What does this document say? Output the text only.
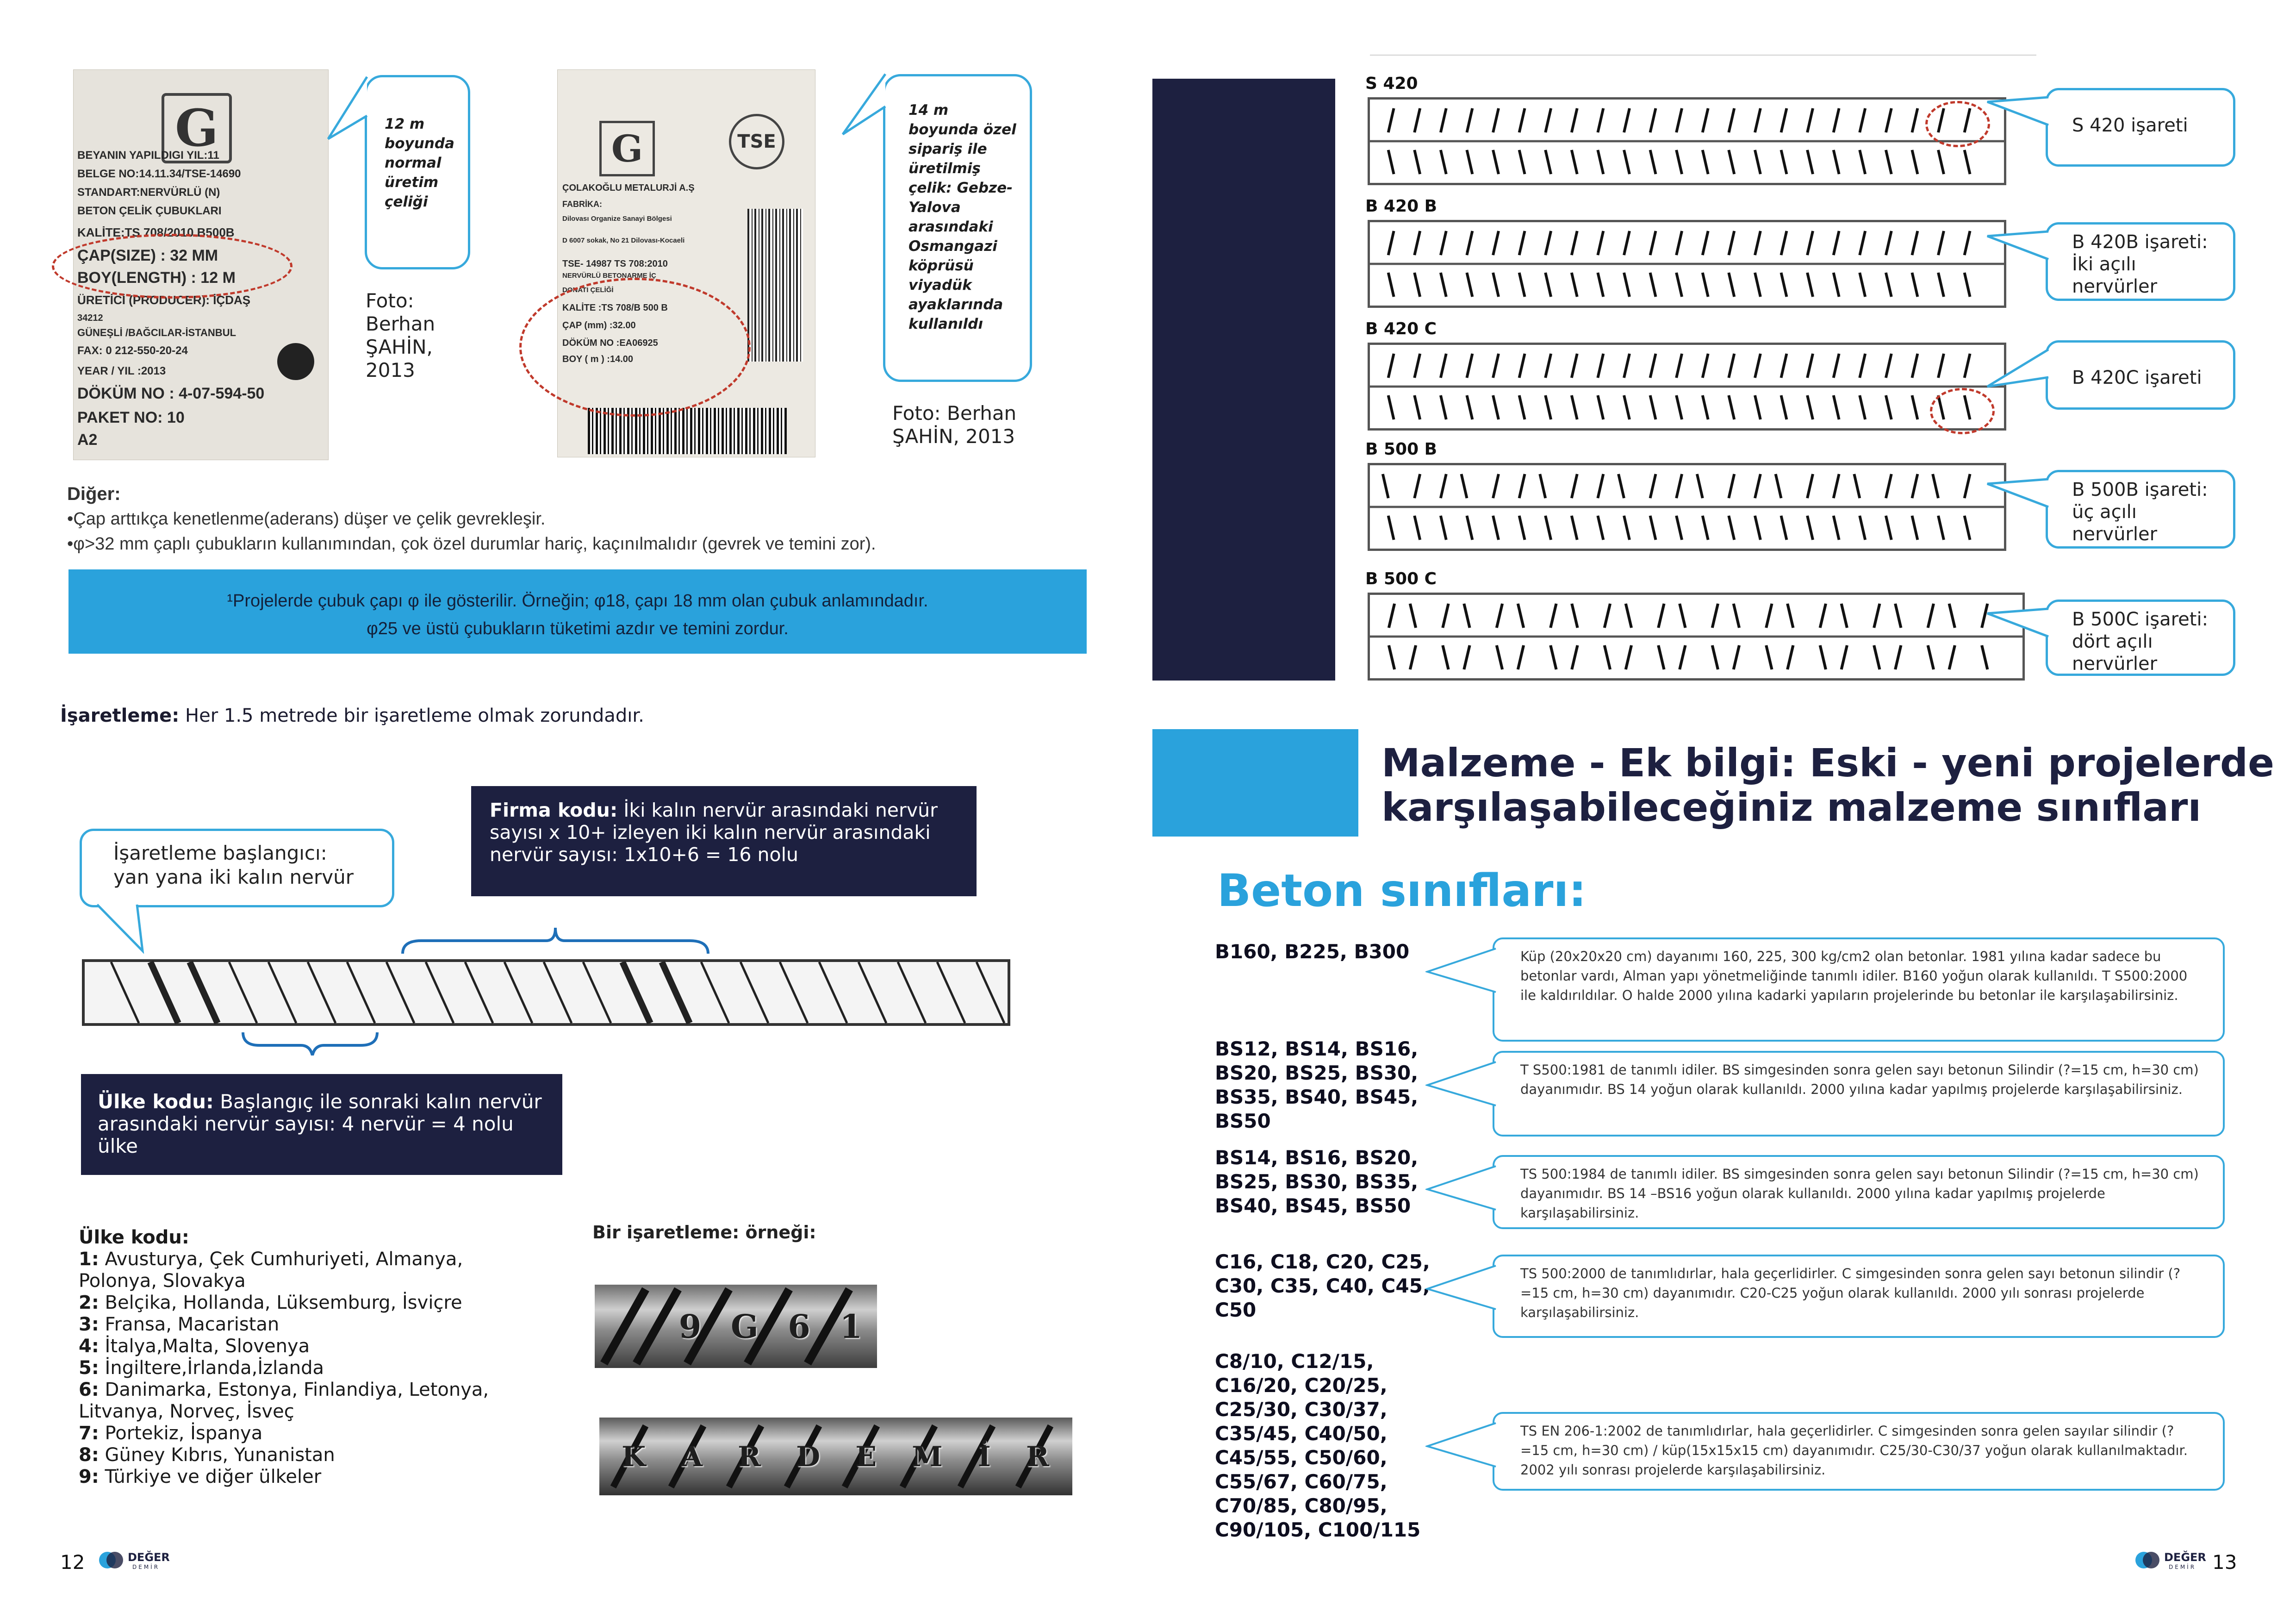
G
BEYANIN YAPILDIGI YIL:11
BELGE NO:14.11.34/TSE-14690
STANDART:NERVÜRLÜ (N)
BETON ÇELİK ÇUBUKLARI
KALİTE:TS 708/2010 B500B
ÇAP(SIZE) : 32 MM
BOY(LENGTH) : 12 M
ÜRETİCİ (PRODUCER): İÇDAŞ
34212
GÜNEŞLİ /BAĞCILAR-İSTANBUL
FAX: 0 212-550-20-24
YEAR / YIL :2013
DÖKÜM NO : 4-07-594-50
PAKET NO: 10
A2
12 m boyunda normal üretim çeliği
Foto: Berhan ŞAHİN, 2013
G	TSE
ÇOLAKOĞLU METALURJİ A.Ş
FABRİKA:
Dilovası Organize Sanayi Bölgesi
D 6007 sokak, No 21 Dilovası-Kocaeli
TSE- 14987 TS 708:2010
NERVÜRLÜ BETONARME İÇ
DONATI ÇELİĞİ
KALİTE :TS 708/B 500 B
ÇAP (mm) :32.00
DÖKÜM NO :EA06925
BOY ( m ) :14.00
14 m boyunda özel sipariş ile üretilmiş çelik: Gebze-Yalova arasındaki Osmangazi köprüsü viyadük ayaklarında kullanıldı
Foto: Berhan ŞAHİN, 2013
Diğer:
•Çap arttıkça kenetlenme(aderans) düşer ve çelik gevrekleşir.
•φ>32 mm çaplı çubukların kullanımından, çok özel durumlar hariç, kaçınılmalıdır (gevrek ve temini zor).
¹Projelerde çubuk çapı φ ile gösterilir. Örneğin; φ18, çapı 18 mm olan çubuk anlamındadır.
φ25 ve üstü çubukların tüketimi azdır ve temini zordur.
İşaretleme: Her 1.5 metrede bir işaretleme olmak zorundadır.
İşaretleme başlangıcı:
yan yana iki kalın nervür
Firma kodu: İki kalın nervür arasındaki nervür sayısı x 10+ izleyen iki kalın nervür arasındaki nervür sayısı: 1x10+6 = 16 nolu
Ülke kodu: Başlangıç ile sonraki kalın nervür arasındaki nervür sayısı: 4 nervür = 4 nolu ülke
Ülke kodu:
1: Avusturya, Çek Cumhuriyeti, Almanya,
Polonya, Slovakya
2: Belçika, Hollanda, Lüksemburg, İsviçre
3: Fransa, Macaristan
4: İtalya,Malta, Slovenya
5: İngiltere,İrlanda,İzlanda
6: Danimarka, Estonya, Finlandiya, Letonya,
Litvanya, Norveç, İsveç
7: Portekiz, İspanya
8: Güney Kıbrıs, Yunanistan
9: Türkiye ve diğer ülkeler
Bir işaretleme: örneği:
9 G 6 1
K A R D E M İ R
12	DEĞER
DEMİR
S 420
S 420 işareti
B 420 B
B 420B işareti: İki açılı nervürler
B 420 C
B 420C işareti
B 500 B
B 500B işareti: üç açılı nervürler
B 500 C
B 500C işareti: dört açılı nervürler
Malzeme - Ek bilgi: Eski - yeni projelerde
karşılaşabileceğiniz malzeme sınıfları
Beton sınıfları:
B160, B225, B300	Küp (20x20x20 cm) dayanımı 160, 225, 300 kg/cm2 olan betonlar. 1981 yılına kadar sadece bu betonlar vardı, Alman yapı yönetmeliğinde tanımlı idiler. B160 yoğun olarak kullanıldı. T S500:2000 ile kaldırıldılar. O halde 2000 yılına kadarki yapıların projelerinde bu betonlar ile karşılaşabilirsiniz.
BS12, BS14, BS16, BS20, BS25, BS30, BS35, BS40, BS45, BS50
T S500:1981 de tanımlı idiler. BS simgesinden sonra gelen sayı betonun Silindir (?=15 cm, h=30 cm) dayanımıdır. BS 14 yoğun olarak kullanıldı. 2000 yılına kadar yapılmış projelerde karşılaşabilirsiniz.
BS14, BS16, BS20, BS25, BS30, BS35, BS40, BS45, BS50
TS 500:1984 de tanımlı idiler. BS simgesinden sonra gelen sayı betonun Silindir (?=15 cm, h=30 cm) dayanımıdır. BS 14 –BS16 yoğun olarak kullanıldı. 2000 yılına kadar yapılmış projelerde karşılaşabilirsiniz.
C16, C18, C20, C25, C30, C35, C40, C45, C50
TS 500:2000 de tanımlıdırlar, hala geçerlidirler. C simgesinden sonra gelen sayı betonun silindir (?=15 cm, h=30 cm) dayanımıdır. C20-C25 yoğun olarak kullanıldı. 2000 yılı sonrası projelerde karşılaşabilirsiniz.
C8/10, C12/15, C16/20, C20/25, C25/30, C30/37, C35/45, C40/50, C45/55, C50/60, C55/67, C60/75, C70/85, C80/95, C90/105, C100/115
TS EN 206-1:2002 de tanımlıdırlar, hala geçerlidirler. C simgesinden sonra gelen sayılar silindir (?=15 cm, h=30 cm) / küp(15x15x15 cm) dayanımıdır. C25/30-C30/37 yoğun olarak kullanılmaktadır. 2002 yılı sonrası projelerde karşılaşabilirsiniz.
DEĞER
DEMİR 13
